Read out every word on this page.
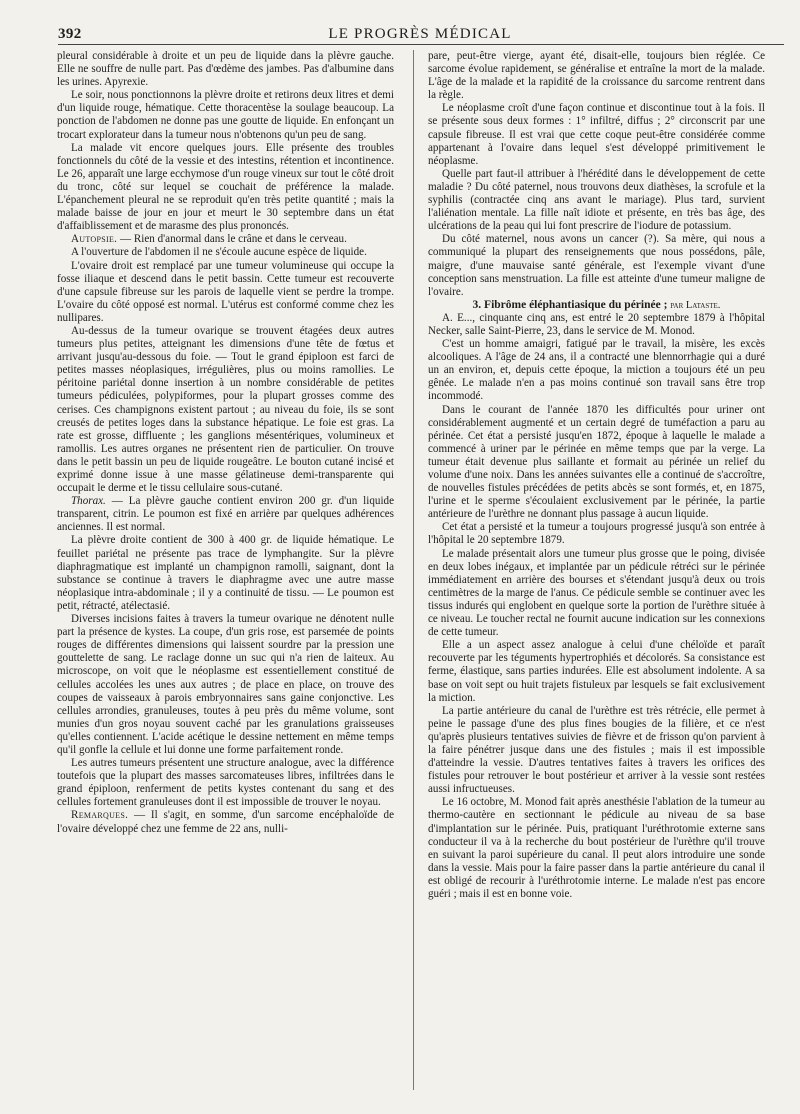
392	LE PROGRÈS MÉDICAL

pleural considérable à droite et un peu de liquide dans la plèvre gauche. Elle ne souffre de nulle part. Pas d'œdème des jambes. Pas d'albumine dans les urines. Apyrexie.

Le soir, nous ponctionnons la plèvre droite et retirons deux litres et demi d'un liquide rouge, hématique. Cette thoracentèse la soulage beaucoup. La ponction de l'abdomen ne donne pas une goutte de liquide. En enfonçant un trocart explorateur dans la tumeur nous n'obtenons qu'un peu de sang.

La malade vit encore quelques jours. Elle présente des troubles fonctionnels du côté de la vessie et des intestins, rétention et incontinence. Le 26, apparaît une large ecchymose d'un rouge vineux sur tout le côté droit du tronc, côté sur lequel se couchait de préférence la malade. L'épanchement pleural ne se reproduit qu'en très petite quantité ; mais la malade baisse de jour en jour et meurt le 30 septembre dans un état d'affaiblissement et de marasme des plus prononcés.

Autopsie. — Rien d'anormal dans le crâne et dans le cerveau.

A l'ouverture de l'abdomen il ne s'écoule aucune espèce de liquide.

L'ovaire droit est remplacé par une tumeur volumineuse qui occupe la fosse iliaque et descend dans le petit bassin. Cette tumeur est recouverte d'une capsule fibreuse sur les parois de laquelle vient se perdre la trompe. L'ovaire du côté opposé est normal. L'utérus est conformé comme chez les nullipares.

Au-dessus de la tumeur ovarique se trouvent étagées deux autres tumeurs plus petites, atteignant les dimensions d'une tête de fœtus et arrivant jusqu'au-dessous du foie. — Tout le grand épiploon est farci de petites masses néoplasiques, irrégulières, plus ou moins ramollies. Le péritoine pariétal donne insertion à un nombre considérable de petites tumeurs pédiculées, polypiformes, pour la plupart grosses comme des cerises. Ces champignons existent partout ; au niveau du foie, ils se sont creusés de petites loges dans la substance hépatique. Le foie est gras. La rate est grosse, diffluente ; les ganglions mésentériques, volumineux et ramollis. Les autres organes ne présentent rien de particulier. On trouve dans le petit bassin un peu de liquide rougeâtre. Le bouton cutané incisé et exprimé donne issue à une masse gélatineuse demi-transparente qui occupait le derme et le tissu cellulaire sous-cutané.

Thorax. — La plèvre gauche contient environ 200 gr. d'un liquide transparent, citrin. Le poumon est fixé en arrière par quelques adhérences anciennes. Il est normal.

La plèvre droite contient de 300 à 400 gr. de liquide hématique. Le feuillet pariétal ne présente pas trace de lymphangite. Sur la plèvre diaphragmatique est implanté un champignon ramolli, saignant, dont la substance se continue à travers le diaphragme avec une autre masse néoplasique intra-abdominale ; il y a continuité de tissu. — Le poumon est petit, rétracté, atélectasié.

Diverses incisions faites à travers la tumeur ovarique ne dénotent nulle part la présence de kystes. La coupe, d'un gris rose, est parsemée de points rouges de différentes dimensions qui laissent sourdre par la pression une gouttelette de sang. Le raclage donne un suc qui n'a rien de laiteux. Au microscope, on voit que le néoplasme est essentiellement constitué de cellules accolées les unes aux autres ; de place en place, on trouve des coupes de vaisseaux à parois embryonnaires sans gaine conjonctive. Les cellules arrondies, granuleuses, toutes à peu près du même volume, sont munies d'un gros noyau souvent caché par les granulations graisseuses qu'elles contiennent. L'acide acétique le dessine nettement en même temps qu'il gonfle la cellule et lui donne une forme parfaitement ronde.

Les autres tumeurs présentent une structure analogue, avec la différence toutefois que la plupart des masses sarcomateuses libres, infiltrées dans le grand épiploon, renferment de petits kystes contenant du sang et des cellules fortement granuleuses dont il est impossible de trouver le noyau.

Remarques. — Il s'agit, en somme, d'un sarcome encéphaloïde de l'ovaire développé chez une femme de 22 ans, nulli-

pare, peut-être vierge, ayant été, disait-elle, toujours bien réglée. Ce sarcome évolue rapidement, se généralise et entraîne la mort de la malade. L'âge de la malade et la rapidité de la croissance du sarcome rentrent dans la règle.

Le néoplasme croît d'une façon continue et discontinue tout à la fois. Il se présente sous deux formes : 1° infiltré, diffus ; 2° circonscrit par une capsule fibreuse. Il est vrai que cette coque peut-être considérée comme appartenant à l'ovaire dans lequel s'est développé primitivement le néoplasme.

Quelle part faut-il attribuer à l'hérédité dans le développement de cette maladie ? Du côté paternel, nous trouvons deux diathèses, la scrofule et la syphilis (contractée cinq ans avant le mariage). Plus tard, survient l'aliénation mentale. La fille naît idiote et présente, en très bas âge, des ulcérations de la peau qui lui font prescrire de l'iodure de potassium.

Du côté maternel, nous avons un cancer (?). Sa mère, qui nous a communiqué la plupart des renseignements que nous possédons, pâle, maigre, d'une mauvaise santé générale, est l'exemple vivant d'une conception sans menstruation. La fille est atteinte d'une tumeur maligne de l'ovaire.

3. Fibrôme éléphantiasique du périnée ; par Lataste.

A. E..., cinquante cinq ans, est entré le 20 septembre 1879 à l'hôpital Necker, salle Saint-Pierre, 23, dans le service de M. Monod.

C'est un homme amaigri, fatigué par le travail, la misère, les excès alcooliques. A l'âge de 24 ans, il a contracté une blennorrhagie qui a duré un an environ, et, depuis cette époque, la miction a toujours été un peu gênée. Le malade n'en a pas moins continué son travail sans être trop incommodé.

Dans le courant de l'année 1870 les difficultés pour uriner ont considérablement augmenté et un certain degré de tuméfaction a paru au périnée. Cet état a persisté jusqu'en 1872, époque à laquelle le malade a commencé à uriner par le périnée en même temps que par la verge. La tumeur était devenue plus saillante et formait au périnée un relief du volume d'une noix. Dans les années suivantes elle a continué de s'accroître, de nouvelles fistules précédées de petits abcès se sont formés, et, en 1875, l'urine et le sperme s'écoulaient exclusivement par le périnée, la partie antérieure de l'urèthre ne donnant plus passage à aucun liquide.

Cet état a persisté et la tumeur a toujours progressé jusqu'à son entrée à l'hôpital le 20 septembre 1879.

Le malade présentait alors une tumeur plus grosse que le poing, divisée en deux lobes inégaux, et implantée par un pédicule rétréci sur le périnée immédiatement en arrière des bourses et s'étendant jusqu'à deux ou trois centimètres de la marge de l'anus. Ce pédicule semble se continuer avec les tissus indurés qui englobent en quelque sorte la portion de l'urèthre située à ce niveau. Le toucher rectal ne fournit aucune indication sur les connexions de cette tumeur.

Elle a un aspect assez analogue à celui d'une chéloïde et paraît recouverte par les téguments hypertrophiés et décolorés. Sa consistance est ferme, élastique, sans parties indurées. Elle est absolument indolente. A sa base on voit sept ou huit trajets fistuleux par lesquels se fait exclusivement la miction.

La partie antérieure du canal de l'urèthre est très rétrécie, elle permet à peine le passage d'une des plus fines bougies de la filière, et ce n'est qu'après plusieurs tentatives suivies de fièvre et de frisson qu'on parvient à la faire pénétrer jusque dans une des fistules ; mais il est impossible d'atteindre la vessie. D'autres tentatives faites à travers les orifices des fistules pour retrouver le bout postérieur et arriver à la vessie sont restées aussi infructueuses.

Le 16 octobre, M. Monod fait après anesthésie l'ablation de la tumeur au thermo-cautère en sectionnant le pédicule au niveau de sa base d'implantation sur le périnée. Puis, pratiquant l'uréthrotomie externe sans conducteur il va à la recherche du bout postérieur de l'urèthre qu'il trouve en suivant la paroi supérieure du canal. Il peut alors introduire une sonde dans la vessie. Mais pour la faire passer dans la partie antérieure du canal il est obligé de recourir à l'uréthrotomie interne. Le malade n'est pas encore guéri ; mais il est en bonne voie.
